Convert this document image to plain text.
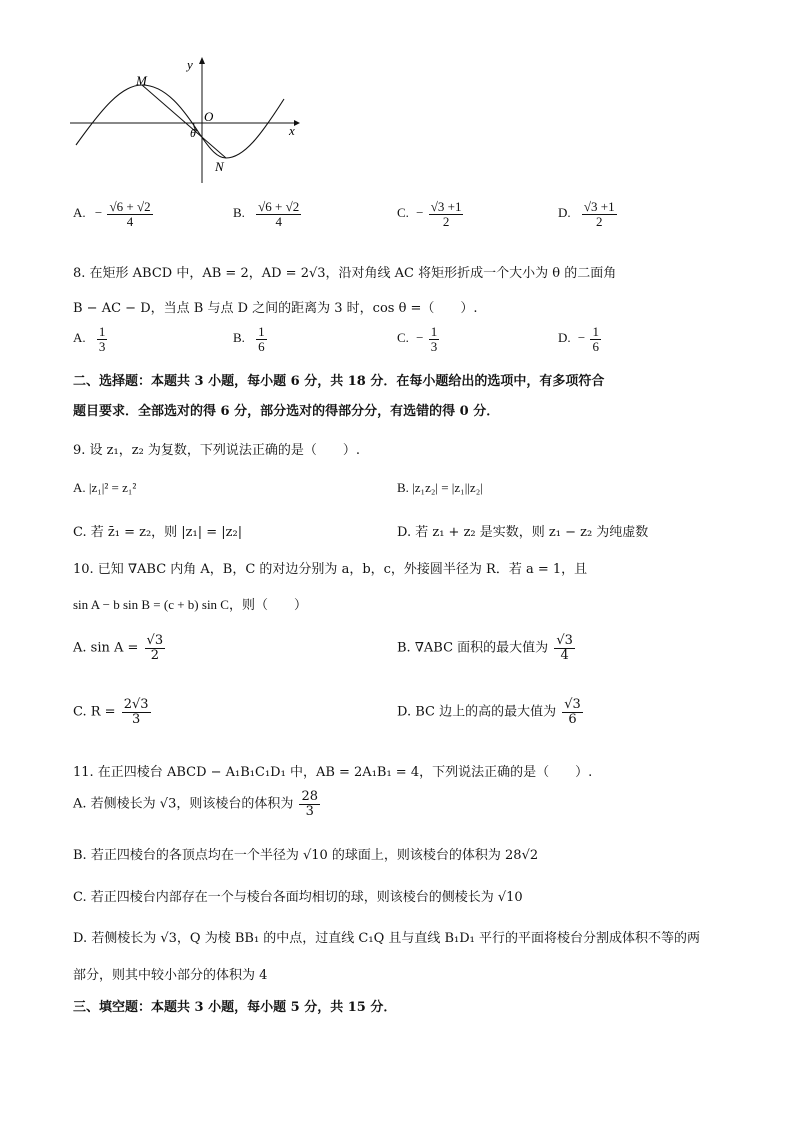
y
x
M
O
N
θ
A. − $\frac{√6 + √2}{4}$	B. $\frac{√6 + √2}{4}$	C. − $\frac{√3 +1}{2}$	D. $\frac{√3 +1}{2}$
8. 在矩形 ABCD 中，AB = 2，AD = 2√3，沿对角线 AC 将矩形折成一个大小为 θ 的二面角
B − AC − D，当点 B 与点 D 之间的距离为 3 时，cos θ =（　　）.
A. $\frac{1}{3}$	B. $\frac{1}{6}$	C. − $\frac{1}{3}$	D. − $\frac{1}{6}$
二、选择题：本题共 3 小题，每小题 6 分，共 18 分．在每小题给出的选项中，有多项符合
题目要求．全部选对的得 6 分，部分选对的得部分分，有选错的得 0 分．
9. 设 z₁，z₂ 为复数，下列说法正确的是（　　）.
A. |z₁|² = z₁²	B. |z₁z₂| = |z₁||z₂|
C. 若 z̄₁ = z₂，则 |z₁| = |z₂|	D. 若 z₁ + z₂ 是实数，则 z₁ − z₂ 为纯虚数
10. 已知 ∇ABC 内角 A，B，C 的对边分别为 a，b，c，外接圆半径为 R．若 a = 1，且
sin A − b sin B = (c + b) sin C，则（　　）
A. $\sin A = \frac{√3}{2}$	B. ∇ABC 面积的最大值为 $\frac{√3}{4}$
C. $R = \frac{2√3}{3}$	D. BC 边上的高的最大值为 $\frac{√3}{6}$
11. 在正四棱台 ABCD − A₁B₁C₁D₁ 中，AB = 2A₁B₁ = 4，下列说法正确的是（　　）.
A. 若侧棱长为 √3，则该棱台的体积为 $\frac{28}{3}$
B. 若正四棱台的各顶点均在一个半径为 √10 的球面上，则该棱台的体积为 28√2
C. 若正四棱台内部存在一个与棱台各面均相切的球，则该棱台的侧棱长为 √10
D. 若侧棱长为 √3，Q 为棱 BB₁ 的中点，过直线 C₁Q 且与直线 B₁D₁ 平行的平面将棱台分割成体积不等的两
部分，则其中较小部分的体积为 4
三、填空题：本题共 3 小题，每小题 5 分，共 15 分．
